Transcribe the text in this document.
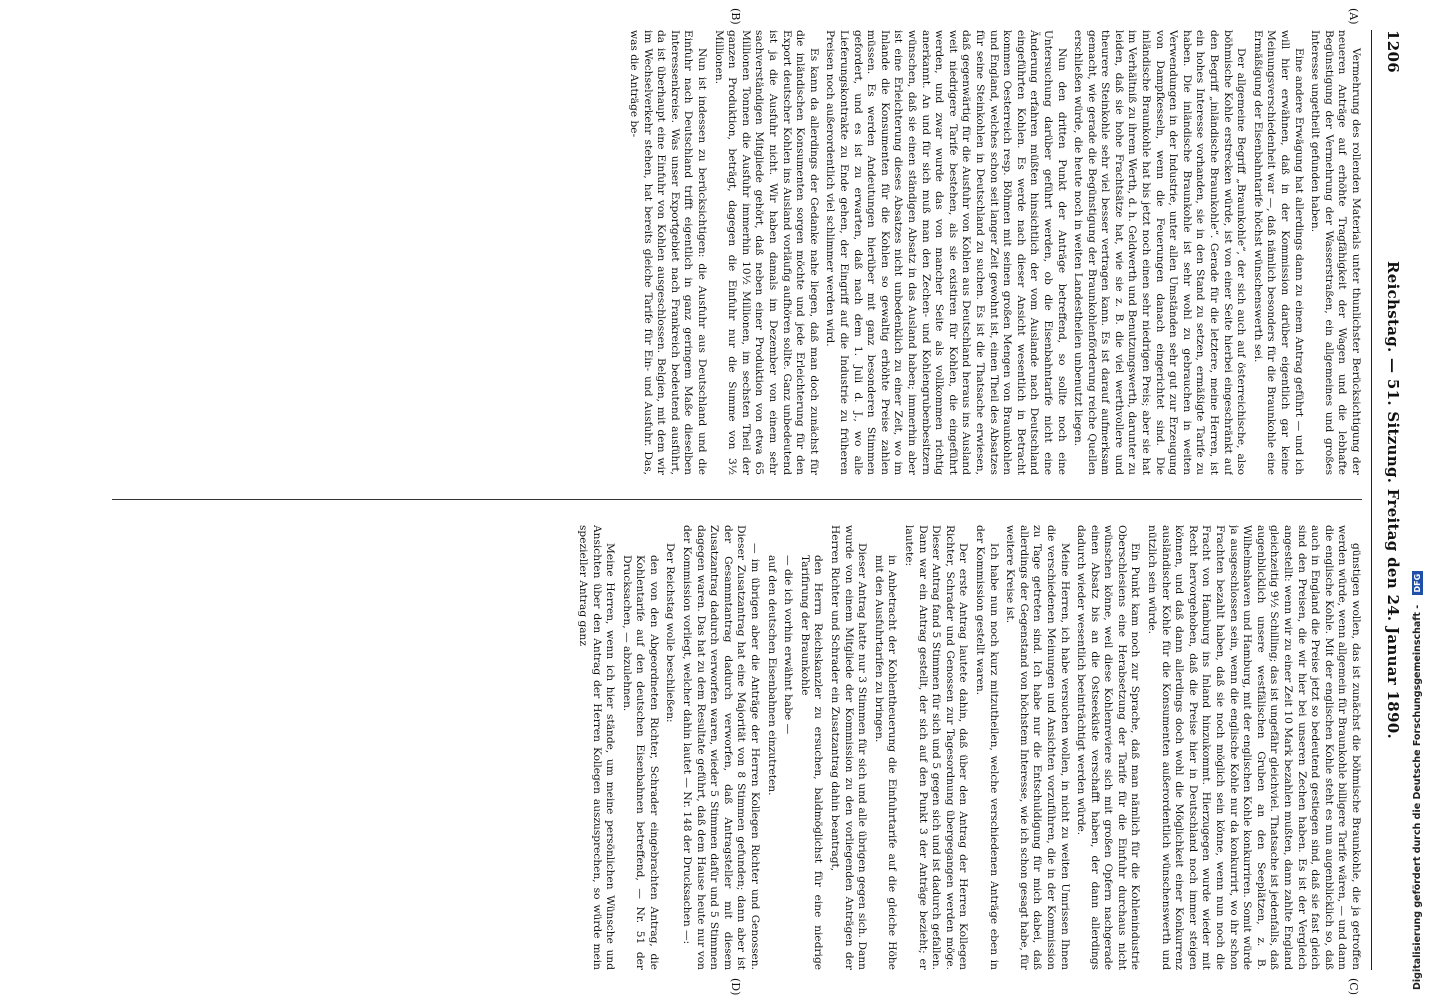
1206
Reichstag. — 51. Sitzung. Freitag den 24. Januar 1890.
(A)
(B)
(C)
(D)

Vermehrung des rollenden Materials unter thunlichster Berücksichtigung der neueren Anträge auf erhöhte Tragfähigkeit der Wagen und die lebhafte Begünstigung der Vermehrung der Wasserstraßen, ein allgemeines und großes Interesse ungetheilt gefunden haben.

Eine andere Erwägung hat allerdings dann zu einem Antrag geführt — und ich will hier erwähnen, daß in der Kommission darüber eigentlich gar keine Meinungsverschiedenheit war —, daß nämlich besonders für die Braunkohle eine Ermäßigung der Eisenbahntarife höchst wünschenswerth sei.

Der allgemeine Begriff „Braunkohle“, der sich auch auf österreichische, also böhmische Kohle erstrecken würde, ist von einer Seite hierbei eingeschränkt auf den Begriff „inländische Braunkohle“. Gerade für die letztere, meine Herren, ist ein hohes Interesse vorhanden, sie in den Stand zu setzen, ermäßigte Tarife zu haben. Die inländische Braunkohle ist sehr wohl zu gebrauchen in weiten Verwendungen in der Industrie, unter allen Umständen sehr gut zur Erzeugung von Dampfkesseln, wenn die Feuerungen danach eingerichtet sind. Die inländische Braunkohle hat bis jetzt noch einen sehr niedrigen Preis; aber sie hat im Verhältniß zu ihrem Werth, d. h. Geldwerth und Benutzungswerth, darunter zu leiden, daß sie hohe Frachtsätze hat, wie sie z. B. die viel werthvollere und theurere Steinkohle sehr viel besser vertragen kann. Es ist darauf aufmerksam gemacht, wie gerade die Begünstigung der Braunkohlenförderung reiche Quellen erschließen würde, die heute noch in weiten Landestheilen unbenutzt liegen.

Nun den dritten Punkt der Anträge betreffend, so sollte noch eine Untersuchung darüber geführt werden, ob die Eisenbahntarife nicht eine Änderung erfahren müßten hinsichtlich der vom Auslande nach Deutschland eingeführten Kohlen. Es werde nach dieser Ansicht wesentlich in Betracht kommen Oesterreich resp. Böhmen mit seinen großen Mengen von Braunkohlen und England, welches schon seit langer Zeit gewohnt ist, einen Theil des Absatzes für seine Steinkohlen in Deutschland zu suchen. Es ist die Thatsache erwiesen, daß gegenwärtig für die Ausfuhr von Kohlen aus Deutschland heraus ins Ausland weit niedrigere Tarife bestehen, als sie existiren für Kohlen, die eingeführt werden, und zwar wurde das von mancher Seite als vollkommen richtig anerkannt. An und für sich muß man den Zechen- und Kohlengrubenbesitzern wünschen, daß sie einen ständigen Absatz in das Ausland haben; immerhin aber ist eine Erleichterung dieses Absatzes nicht unbedenklich zu einer Zeit, wo im Inlande die Konsumenten für die Kohlen so gewaltig erhöhte Preise zahlen müssen. Es werden Andeutungen hierüber mit ganz besonderen Stimmen gefordert, und es ist zu erwarten, daß nach dem 1. Juli d. J., wo alle Lieferungskontrakte zu Ende gehen, der Eingriff auf die Industrie zu früheren Preisen noch außerordentlich viel schlimmer werden wird.

Es kann da allerdings der Gedanke nahe liegen, daß man doch zunächst für die inländischen Konsumenten sorgen möchte und jede Erleichterung für den Export deutscher Kohlen ins Ausland vorläufig aufhören sollte. Ganz unbedeutend ist ja die Ausfuhr nicht. Wir haben damals im Dezember von einem sehr sachverständigen Mitgliede gehört, daß neben einer Produktion von etwa 65 Millionen Tonnen die Ausfuhr immerhin 10½ Millionen, im sechsten Theil der ganzen Produktion, beträgt, dagegen die Einfuhr nur die Summe von 3½ Millionen.

Nun ist indessen zu berücksichtigen: die Ausfuhr aus Deutschland und die Einfuhr nach Deutschland trifft eigentlich in ganz geringem Maße dieselben Interessenkreise. Was unser Exportgebiet nach Frankreich bedeutend ausführt, da ist überhaupt eine Einfuhr von Kohlen ausgeschlossen. Belgien, mit dem wir im Wechselverkehr stehen, hat bereits gleiche Tarife für Ein- und Ausfuhr. Das, was die Anträge be-

günstigen wollen, das ist zunächst die böhmische Braunkohle, die ja getroffen werden würde, wenn allgemein für Braunkohle billigere Tarife wären, — und dann die englische Kohle. Mit der englischen Kohle steht es nun augenblicklich so, daß auch in England die Preise jetzt so bedeutend gestiegen sind, daß sie fast gleich sind den Preisen, die wir hier bei unseren Zechen haben. Es ist der Vergleich angestellt: wenn wir zu einer Zeit 10 Mark bezahlen mußten, dann zahlte England gleichzeitig 9½ Schilling; das ist ungefähr gleichviel. Thatsache ist jedenfalls, daß augenblicklich unsere westfälischen Gruben an den Seeplätzen, z. B. Wilhelmshaven und Hamburg, mit der englischen Kohle konkurriren. Somit würde ja ausgeschlossen sein, wenn die englische Kohle nur da konkurrirt, wo ihr schon Frachten bezahlt haben, daß sie noch möglich sein könne, wenn nun noch die Fracht von Hamburg ins Inland hinzukommt. Hierzugegen wurde wieder mit Recht hervorgehoben, daß die Preise hier in Deutschland noch immer steigen können, und daß dann allerdings doch wohl die Möglichkeit einer Konkurrenz ausländischer Kohle für die Konsumenten außerordentlich wünschenswerth und nützlich sein würde.

Ein Punkt kam noch zur Sprache, daß man nämlich für die Kohlenindustrie Oberschlesiens eine Herabsetzung der Tarife für die Einfuhr durchaus nicht wünschen könne, weil diese Kohlenreviere sich mit großen Opfern nachgerade einen Absatz bis an die Ostseeküste verschafft haben, der dann allerdings dadurch wieder wesentlich beeinträchtigt werden würde.

Meine Herren, ich habe versuchen wollen, in nicht zu weiten Umrissen Ihnen die verschiedenen Meinungen und Ansichten vorzuführen, die in der Kommission zu Tage getreten sind. Ich habe nur die Entschuldigung für mich dabei, daß allerdings der Gegenstand von höchstem Interesse, wie ich schon gesagt habe, für weitere Kreise ist.

Ich habe nun noch kurz mitzutheilen, welche verschiedenen Anträge eben in der Kommission gestellt waren.

Der erste Antrag lautete dahin, daß über den Antrag der Herren Kollegen Richter, Schrader und Genossen zur Tagesordnung übergegangen werden möge. Dieser Antrag fand 5 Stimmen für sich und 5 gegen sich und ist dadurch gefallen. Dann war ein Antrag gestellt, der sich auf den Punkt 3 der Anträge bezieht; er lautete:

in Anbetracht der Kohlentheuerung die Einfuhrtarife auf die gleiche Höhe mit den Ausfuhrtarifen zu bringen.

Dieser Antrag hatte nur 3 Stimmen für sich und alle übrigen gegen sich. Dann wurde von einem Mitgliede der Kommission zu den vorliegenden Anträgen der Herren Richter und Schrader ein Zusatzantrag dahin beantragt,

den Herrn Reichskanzler zu ersuchen, baldmöglichst für eine niedrige Tarifirung der Braunkohle

— die ich vorhin erwähnt habe —

auf den deutschen Eisenbahnen einzutreten.

— im übrigen aber die Anträge der Herren Kollegen Richter und Genossen. Dieser Zusatzantrag hat eine Majorität von 8 Stimmen gefunden; dann aber ist der Gesammtantrag dadurch verworfen, daß Antragsteller mit diesem Zusatzantrag dadurch verworfen waren, wieder 5 Stimmen dafür und 5 Stimmen dagegen waren. Das hat zu dem Resultate geführt, daß dem Hause heute nur von der Kommission vorliegt, welcher dahin lautet — Nr. 148 der Drucksachen —:

Der Reichstag wolle beschließen:

den von den Abgeordneten Richter, Schrader eingebrachten Antrag, die Kohlentarife auf den deutschen Eisenbahnen betreffend, — Nr. 51 der Drucksachen, — abzulehnen.

Meine Herren, wenn ich hier stände, um meine persönlichen Wünsche und Ansichten über den Antrag der Herren Kollegen auszusprechen, so würde mein spezieller Antrag ganz

Digitalisierung gefördert durch die Deutsche Forschungsgemeinschaft - DFG
